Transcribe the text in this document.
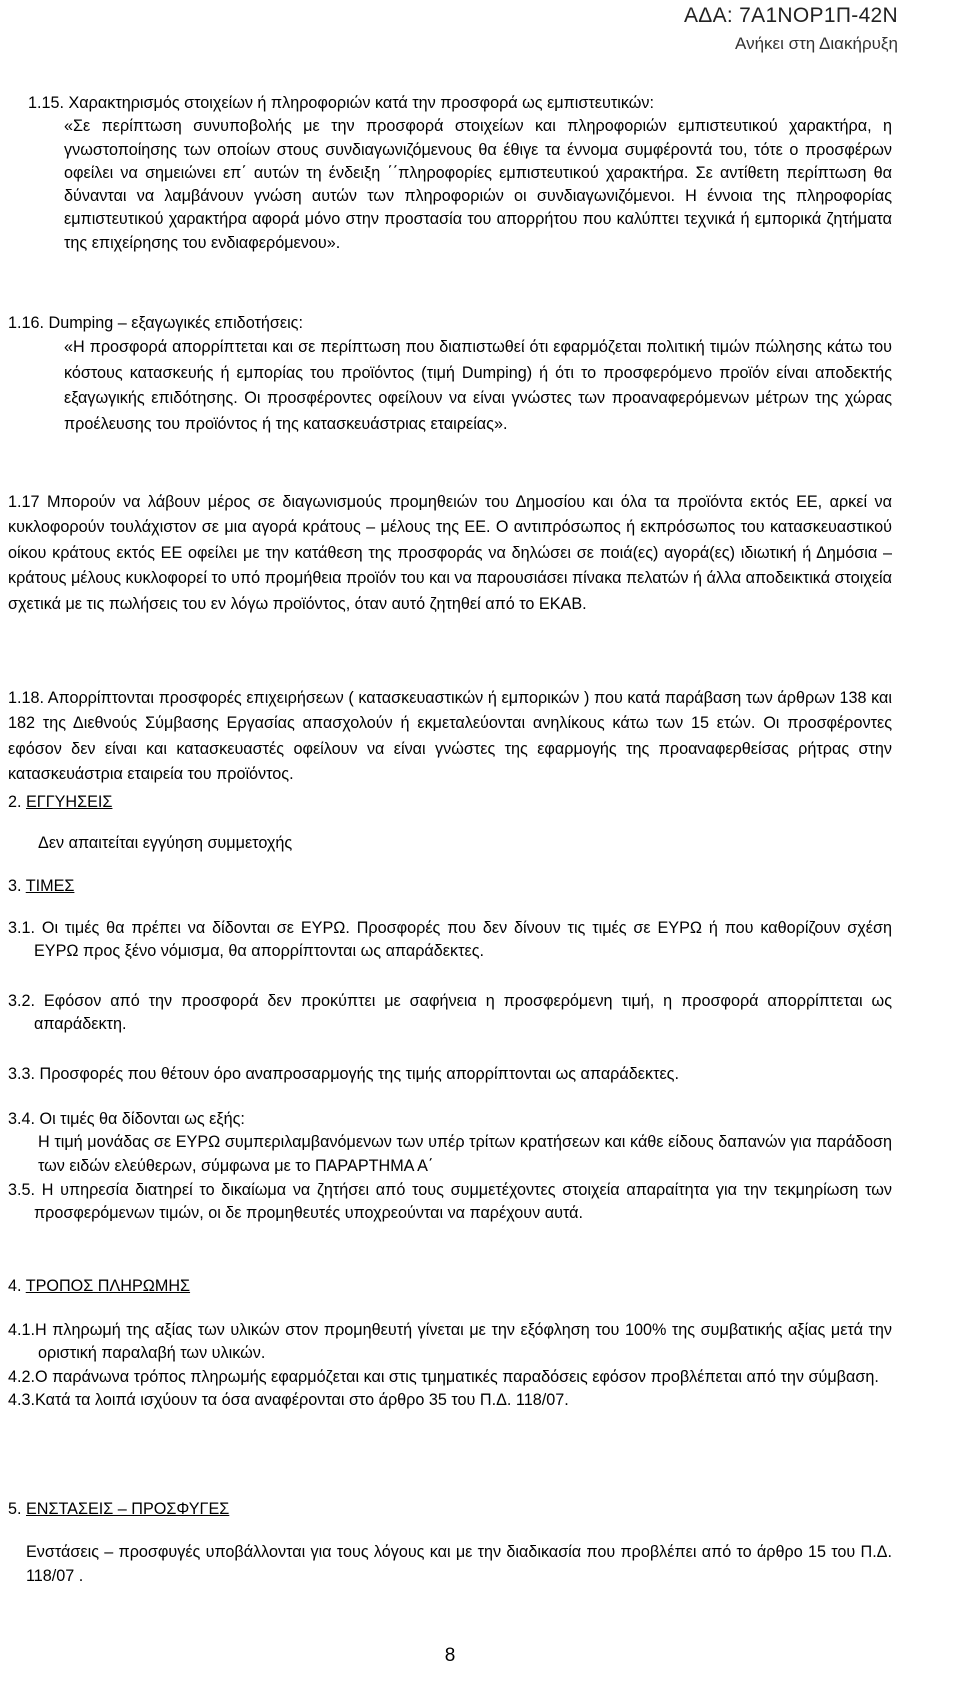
ΑΔΑ: 7Α1ΝΟΡ1Π-42Ν
Ανήκει στη Διακήρυξη

1.15. Χαρακτηρισμός στοιχείων ή πληροφοριών κατά την προσφορά ως εμπιστευτικών:

«Σε περίπτωση συνυποβολής με την προσφορά στοιχείων και πληροφοριών εμπιστευτικού χαρακτήρα, η γνωστοποίησης των οποίων στους συνδιαγωνιζόμενους θα έθιγε τα έννομα συμφέροντά του, τότε ο προσφέρων οφείλει να σημειώνει επ΄ αυτών τη ένδειξη ΄΄πληροφορίες εμπιστευτικού χαρακτήρα. Σε αντίθετη περίπτωση θα δύνανται να λαμβάνουν γνώση αυτών των πληροφοριών οι συνδιαγωνιζόμενοι. Η έννοια της πληροφορίας εμπιστευτικού χαρακτήρα αφορά μόνο στην προστασία του απορρήτου που καλύπτει τεχνικά ή εμπορικά ζητήματα της επιχείρησης του ενδιαφερόμενου».

1.16. Dumping – εξαγωγικές επιδοτήσεις:

«Η προσφορά απορρίπτεται και σε περίπτωση που διαπιστωθεί ότι εφαρμόζεται πολιτική τιμών πώλησης κάτω του κόστους κατασκευής ή εμπορίας του προϊόντος (τιμή Dumping) ή ότι το προσφερόμενο προϊόν είναι αποδεκτής εξαγωγικής επιδότησης. Οι προσφέροντες οφείλουν να είναι γνώστες των προαναφερόμενων μέτρων της χώρας προέλευσης του προϊόντος ή της κατασκευάστριας εταιρείας».

1.17 Μπορούν να λάβουν μέρος σε διαγωνισμούς προμηθειών του Δημοσίου και όλα τα προϊόντα εκτός ΕΕ, αρκεί να κυκλοφορούν τουλάχιστον σε μια αγορά κράτους – μέλους της ΕΕ. Ο αντιπρόσωπος ή εκπρόσωπος του κατασκευαστικού οίκου κράτους εκτός ΕΕ οφείλει με την κατάθεση της προσφοράς να δηλώσει σε ποιά(ες) αγορά(ες) ιδιωτική ή Δημόσια – κράτους μέλους κυκλοφορεί το υπό προμήθεια προϊόν του και να παρουσιάσει πίνακα πελατών ή άλλα αποδεικτικά στοιχεία σχετικά με τις πωλήσεις του εν λόγω προϊόντος, όταν αυτό ζητηθεί από το ΕΚΑΒ.

1.18. Απορρίπτονται προσφορές επιχειρήσεων ( κατασκευαστικών ή εμπορικών ) που κατά παράβαση των άρθρων 138 και 182 της Διεθνούς Σύμβασης Εργασίας απασχολούν ή εκμεταλεύονται ανηλίκους κάτω των 15 ετών. Οι προσφέροντες εφόσον δεν είναι και κατασκευαστές οφείλουν να είναι γνώστες της εφαρμογής της προαναφερθείσας ρήτρας στην κατασκευάστρια εταιρεία του προϊόντος.

2. ΕΓΓΥΗΣΕΙΣ

Δεν απαιτείται εγγύηση συμμετοχής

3. ΤΙΜΕΣ

3.1. Οι τιμές θα πρέπει να δίδονται σε ΕΥΡΩ. Προσφορές που δεν δίνουν τις τιμές σε ΕΥΡΩ ή που καθορίζουν σχέση ΕΥΡΩ προς ξένο νόμισμα, θα απορρίπτονται ως απαράδεκτες.

3.2. Εφόσον από την προσφορά δεν προκύπτει με σαφήνεια η προσφερόμενη τιμή, η προσφορά απορρίπτεται ως απαράδεκτη.

3.3. Προσφορές που θέτουν όρο αναπροσαρμογής της τιμής απορρίπτονται ως απαράδεκτες.

3.4. Οι τιμές θα δίδονται ως εξής:

Η τιμή μονάδας σε ΕΥΡΩ συμπεριλαμβανόμενων των υπέρ τρίτων κρατήσεων και κάθε είδους δαπανών για παράδοση των ειδών ελεύθερων, σύμφωνα με το ΠΑΡΑΡΤΗΜΑ Α΄

3.5. Η υπηρεσία διατηρεί το δικαίωμα να ζητήσει από τους συμμετέχοντες στοιχεία απαραίτητα για την τεκμηρίωση των προσφερόμενων τιμών, οι δε προμηθευτές υποχρεούνται να παρέχουν αυτά.

4. ΤΡΟΠΟΣ ΠΛΗΡΩΜΗΣ

4.1.Η πληρωμή της αξίας των υλικών στον προμηθευτή γίνεται με την εξόφληση του 100% της συμβατικής αξίας μετά την οριστική παραλαβή των υλικών.

4.2.Ο παράνωνα τρόπος πληρωμής εφαρμόζεται και στις τμηματικές παραδόσεις εφόσον προβλέπεται από την σύμβαση.

4.3.Κατά τα λοιπά ισχύουν τα όσα αναφέρονται στο άρθρο 35 του Π.Δ. 118/07.

5. ΕΝΣΤΑΣΕΙΣ – ΠΡΟΣΦΥΓΕΣ

Ενστάσεις – προσφυγές υποβάλλονται για τους λόγους και με την διαδικασία που προβλέπει από το άρθρο 15 του Π.Δ. 118/07 .

8
